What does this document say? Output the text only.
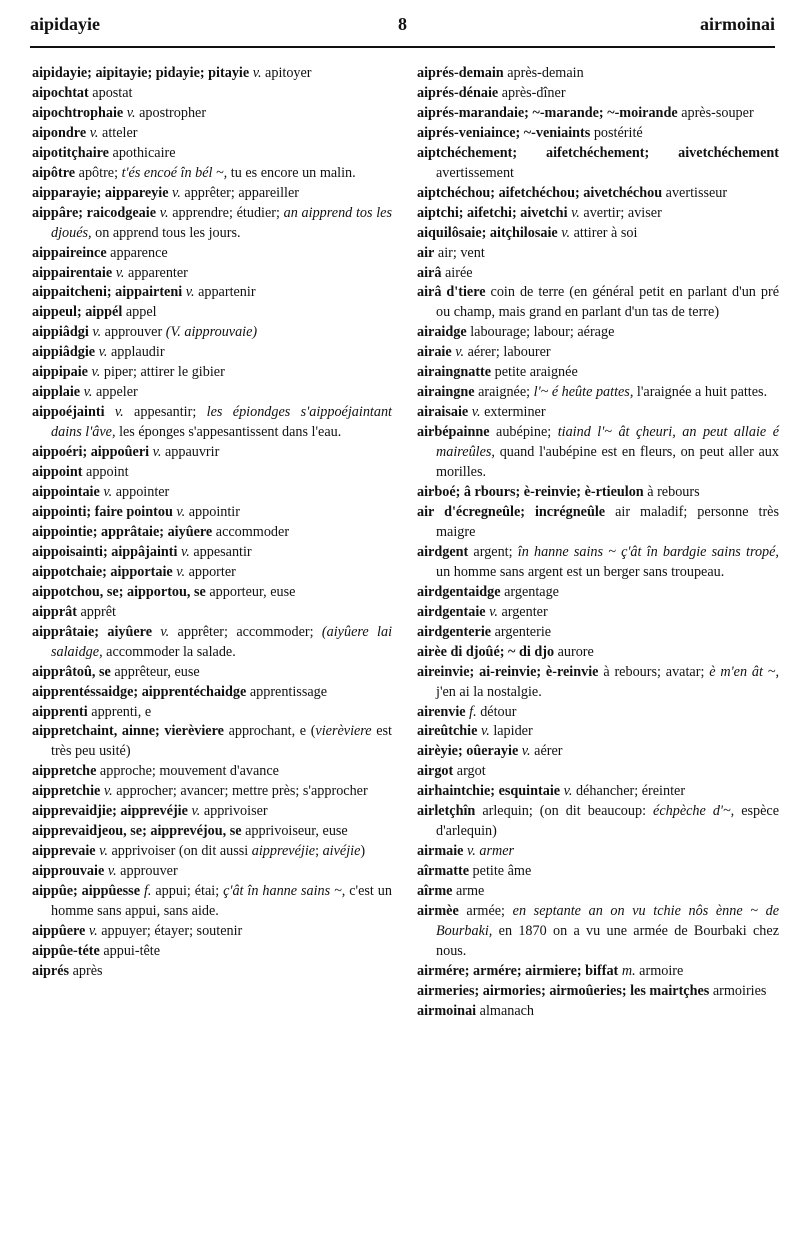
aipidayie	8	airmoinai
aipidayie; aipitayie; pidayie; pitayie v. apitoyer
aipochtat apostat
aipochtrophaie v. apostropher
aipondre v. atteler
aipotitçhaire apothicaire
aipôtre apôtre; t'és encoé în bél ~, tu es encore un malin.
aipparayie; aippareyie v. apprêter; appareiller
aippâre; raicodgeaie v. apprendre; étudier; an aipprend tos les djoués, on apprend tous les jours.
aippaireince apparence
aippairentaie v. apparenter
aippaitcheni; aippairteni v. appartenir
aippeul; aippél appel
aippiâdgi v. approuver (V. aipprouvaie)
aippiâdgie v. applaudir
aippipaie v. piper; attirer le gibier
aipplaie v. appeler
aippoéjainti v. appesantir; les épiondges s'aippoéjaintant dains l'âve, les éponges s'appesantissent dans l'eau.
aippoéri; aippoûeri v. appauvrir
aippoint appoint
aippointaie v. appointer
aippointi; faire pointou v. appointir
aippointie; apprâtaie; aiyûere accommoder
aippoisainti; aippâjainti v. appesantir
aippotchaie; aipportaie v. apporter
aippotchou, se; aipportou, se apporteur, euse
aipprât apprêt
aipprâtaie; aiyûere v. apprêter; accommoder; (aiyûere lai salaidge, accommoder la salade.
aipprâtoû, se apprêteur, euse
aipprentéssaidge; aipprentéchaidge apprentissage
aipprenti apprenti, e
aippretchaint, ainne; vierèviere approchant, e (vierèviere est très peu usité)
aippretche approche; mouvement d'avance
aippretchie v. approcher; avancer; mettre près; s'approcher
aipprevaidjie; aipprevéjie v. apprivoiser
aipprevaidjeou, se; aipprevéjou, se apprivoiseur, euse
aipprevaie v. apprivoiser (on dit aussi aipprevéjie; aivéjie)
aipprouvaie v. approuver
aippûe; aippûesse f. appui; étai; ç'ât în hanne sains ~, c'est un homme sans appui, sans aide.
aippûere v. appuyer; étayer; soutenir
aippûe-téte appui-tête
aiprés après
aiprés-demain après-demain
aiprés-dénaie après-dîner
aiprés-marandaie; ~-marande; ~-moirande après-souper
aiprés-veniaince; ~-veniaints postérité
aiptchéchement; aifetchéchement; aivetchéchement avertissement
aiptchéchou; aifetchéchou; aivetchéchou avertisseur
aiptchi; aifetchi; aivetchi v. avertir; aviser
aiquilôsaie; aitçhilosaie v. attirer à soi
air air; vent
airâ airée
airâ d'tiere coin de terre (en général petit en parlant d'un pré ou champ, mais grand en parlant d'un tas de terre)
airaidge labourage; labour; aérage
airaie v. aérer; labourer
airaingnatte petite araignée
airaingne araignée; l'~ é heûte pattes, l'araignée a huit pattes.
airaisaie v. exterminer
airbépainne aubépine; tiaind l'~ ât çheuri, an peut allaie é maireûles, quand l'aubépine est en fleurs, on peut aller aux morilles.
airboé; â rbours; è-reinvie; è-rtieulon à rebours
air d'écregneûle; incrégneûle air maladif; personne très maigre
airdgent argent; în hanne sains ~ ç'ât în bardgie sains tropé, un homme sans argent est un berger sans troupeau.
airdgentaidge argentage
airdgentaie v. argenter
airdgenterie argenterie
airèe di djoûé; ~ di djo aurore
aireinvie; ai-reinvie; è-reinvie à rebours; avatar; è m'en ât ~, j'en ai la nostalgie.
airenvie f. détour
aireûtchie v. lapider
airèyie; oûerayie v. aérer
airgot argot
airhaintchie; esquintaie v. déhancher; éreinter
airletçhîn arlequin; (on dit beaucoup: échpèche d'~, espèce d'arlequin)
airmaie v. armer
aîrmatte petite âme
aîrme arme
airmèe armée; en septante an on vu tchie nôs ènne ~ de Bourbaki, en 1870 on a vu une armée de Bourbaki chez nous.
airmére; armére; airmiere; biffat m. armoire
airmeries; airmories; airmoûeries; les mairtçhes armoiries
airmoinai almanach
